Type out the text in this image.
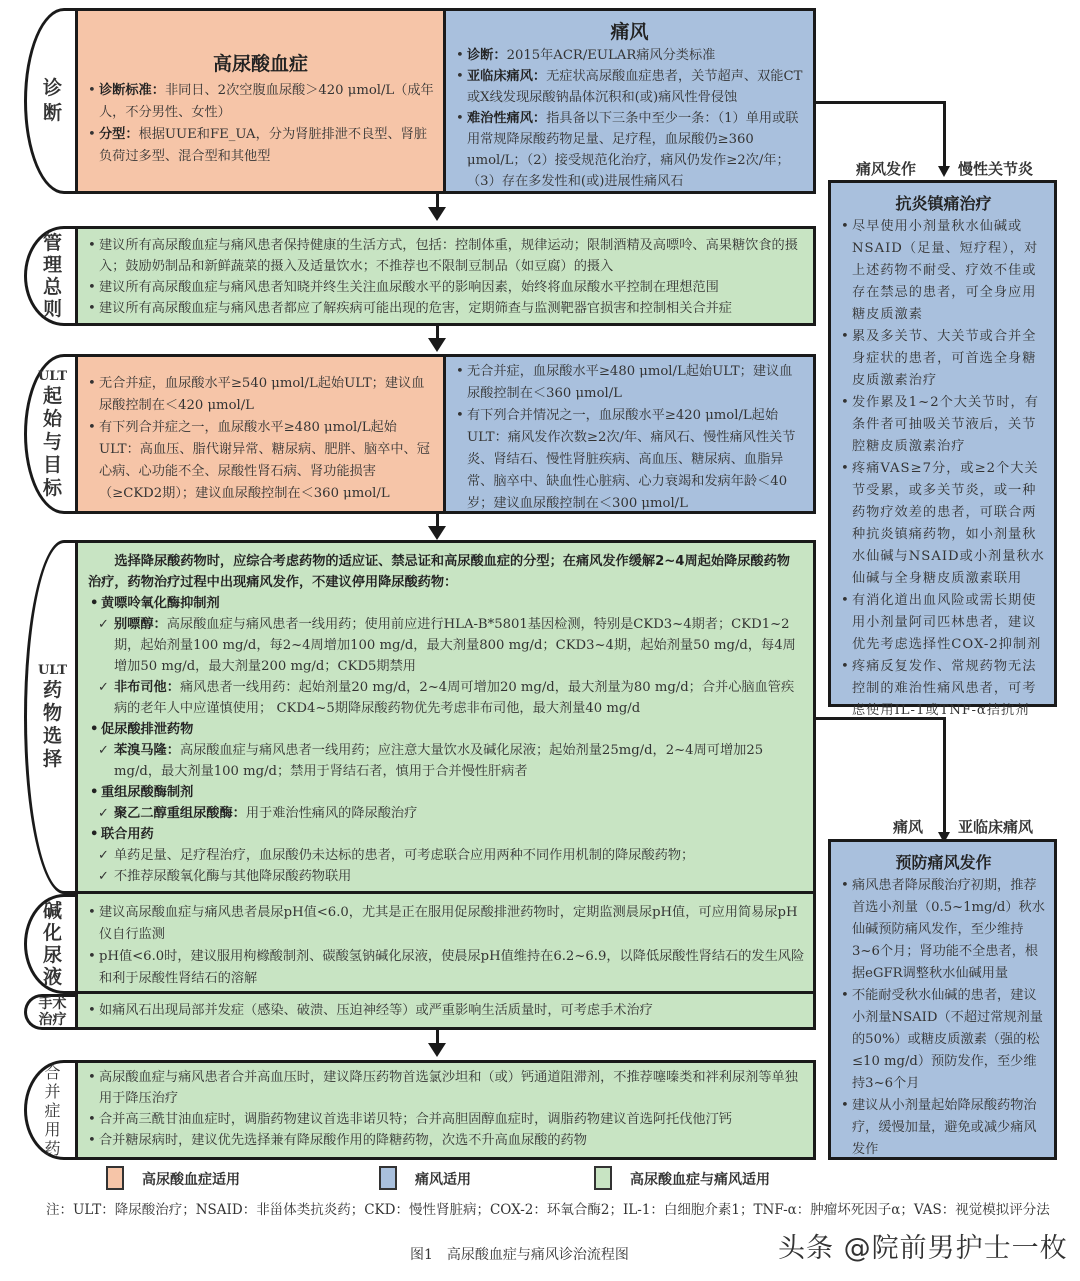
诊
断
高尿酸血症
• 诊断标准：非同日、2次空腹血尿酸＞420 μmol/L（成年人，不分男性、女性）
• 分型：根据UUE和FE_UA，分为肾脏排泄不良型、肾脏负荷过多型、混合型和其他型
痛风
• 诊断：2015年ACR/EULAR痛风分类标准
• 亚临床痛风：无症状高尿酸血症患者，关节超声、双能CT或X线发现尿酸钠晶体沉积和(或)痛风性骨侵蚀
• 难治性痛风：指具备以下三条中至少一条：（1）单用或联用常规降尿酸药物足量、足疗程，血尿酸仍≥360 μmol/L；（2）接受规范化治疗，痛风仍发作≥2次/年；（3）存在多发性和(或)进展性痛风石
痛风发作	慢性关节炎
管
理
总
则
• 建议所有高尿酸血症与痛风患者保持健康的生活方式，包括：控制体重，规律运动；限制酒精及高嘌呤、高果糖饮食的摄入；鼓励奶制品和新鲜蔬菜的摄入及适量饮水；不推荐也不限制豆制品（如豆腐）的摄入
• 建议所有高尿酸血症与痛风患者知晓并终生关注血尿酸水平的影响因素，始终将血尿酸水平控制在理想范围
• 建议所有高尿酸血症与痛风患者都应了解疾病可能出现的危害，定期筛查与监测靶器官损害和控制相关合并症
ULT
起
始
与
目
标
• 无合并症，血尿酸水平≥540 μmol/L起始ULT；建议血尿酸控制在＜420 μmol/L
• 有下列合并症之一，血尿酸水平≥480 μmol/L起始ULT：高血压、脂代谢异常、糖尿病、肥胖、脑卒中、冠心病、心功能不全、尿酸性肾石病、肾功能损害（≥CKD2期）；建议血尿酸控制在＜360 μmol/L
• 无合并症，血尿酸水平≥480 μmol/L起始ULT；建议血尿酸控制在＜360 μmol/L
• 有下列合并情况之一，血尿酸水平≥420 μmol/L起始ULT：痛风发作次数≥2次/年、痛风石、慢性痛风性关节炎、肾结石、慢性肾脏疾病、高血压、糖尿病、血脂异常、脑卒中、缺血性心脏病、心力衰竭和发病年龄＜40岁；建议血尿酸控制在＜300 μmol/L
ULT
药
物
选
择
选择降尿酸药物时，应综合考虑药物的适应证、禁忌证和高尿酸血症的分型；在痛风发作缓解2~4周起始降尿酸药物治疗，药物治疗过程中出现痛风发作，不建议停用降尿酸药物：
• 黄嘌呤氧化酶抑制剂
✓ 别嘌醇：高尿酸血症与痛风患者一线用药；使用前应进行HLA-B*5801基因检测，特别是CKD3~4期者；CKD1~2期，起始剂量100 mg/d，每2~4周增加100 mg/d，最大剂量800 mg/d；CKD3~4期，起始剂量50 mg/d，每4周增加50 mg/d，最大剂量200 mg/d；CKD5期禁用
✓ 非布司他：痛风患者一线用药：起始剂量20 mg/d，2~4周可增加20 mg/d，最大剂量为80 mg/d；合并心脑血管疾病的老年人中应谨慎使用； CKD4~5期降尿酸药物优先考虑非布司他，最大剂量40 mg/d
• 促尿酸排泄药物
✓ 苯溴马隆：高尿酸血症与痛风患者一线用药；应注意大量饮水及碱化尿液；起始剂量25mg/d，2~4周可增加25 mg/d，最大剂量100 mg/d；禁用于肾结石者，慎用于合并慢性肝病者
• 重组尿酸酶制剂
✓ 聚乙二醇重组尿酸酶：用于难治性痛风的降尿酸治疗
• 联合用药
✓ 单药足量、足疗程治疗，血尿酸仍未达标的患者，可考虑联合应用两种不同作用机制的降尿酸药物；
✓ 不推荐尿酸氧化酶与其他降尿酸药物联用
痛风 亚临床痛风
碱
化
尿
液
• 建议高尿酸血症与痛风患者晨尿pH值<6.0，尤其是正在服用促尿酸排泄药物时，定期监测晨尿pH值，可应用简易尿pH仪自行监测
• pH值<6.0时，建议服用枸橼酸制剂、碳酸氢钠碱化尿液，使晨尿pH值维持在6.2~6.9，以降低尿酸性肾结石的发生风险和利于尿酸性肾结石的溶解
手术
治疗
• 如痛风石出现局部并发症（感染、破溃、压迫神经等）或严重影响生活质量时，可考虑手术治疗
合
并
症
用
药
• 高尿酸血症与痛风患者合并高血压时，建议降压药物首选氯沙坦和（或）钙通道阻滞剂，不推荐噻嗪类和袢利尿剂等单独用于降压治疗
• 合并高三酰甘油血症时，调脂药物建议首选非诺贝特；合并高胆固醇血症时，调脂药物建议首选阿托伐他汀钙
• 合并糖尿病时，建议优先选择兼有降尿酸作用的降糖药物，次选不升高血尿酸的药物
抗炎镇痛治疗
• 尽早使用小剂量秋水仙碱或NSAID（足量、短疗程），对上述药物不耐受、疗效不佳或存在禁忌的患者，可全身应用糖皮质激素
• 累及多关节、大关节或合并全身症状的患者，可首选全身糖皮质激素治疗
• 发作累及1~2个大关节时，有条件者可抽吸关节液后，关节腔糖皮质激素治疗
• 疼痛VAS≥7分，或≥2个大关节受累，或多关节炎，或一种药物疗效差的患者，可联合两种抗炎镇痛药物，如小剂量秋水仙碱与NSAID或小剂量秋水仙碱与全身糖皮质激素联用
• 有消化道出血风险或需长期使用小剂量阿司匹林患者，建议优先考虑选择性COX-2抑制剂
• 疼痛反复发作、常规药物无法控制的难治性痛风患者，可考虑使用IL-1或TNF-α拮抗剂
预防痛风发作
• 痛风患者降尿酸治疗初期，推荐首选小剂量（0.5~1mg/d）秋水仙碱预防痛风发作，至少维持3~6个月；肾功能不全患者，根据eGFR调整秋水仙碱用量
• 不能耐受秋水仙碱的患者，建议小剂量NSAID（不超过常规剂量的50%）或糖皮质激素（强的松≤10 mg/d）预防发作，至少维持3~6个月
• 建议从小剂量起始降尿酸药物治疗，缓慢加量，避免或减少痛风发作
高尿酸血症适用	痛风适用	高尿酸血症与痛风适用
注：ULT：降尿酸治疗；NSAID：非甾体类抗炎药；CKD：慢性肾脏病；COX-2：环氧合酶2；IL-1：白细胞介素1；TNF-α：肿瘤坏死因子α；VAS：视觉模拟评分法
图1　高尿酸血症与痛风诊治流程图	头条 @院前男护士一枚
